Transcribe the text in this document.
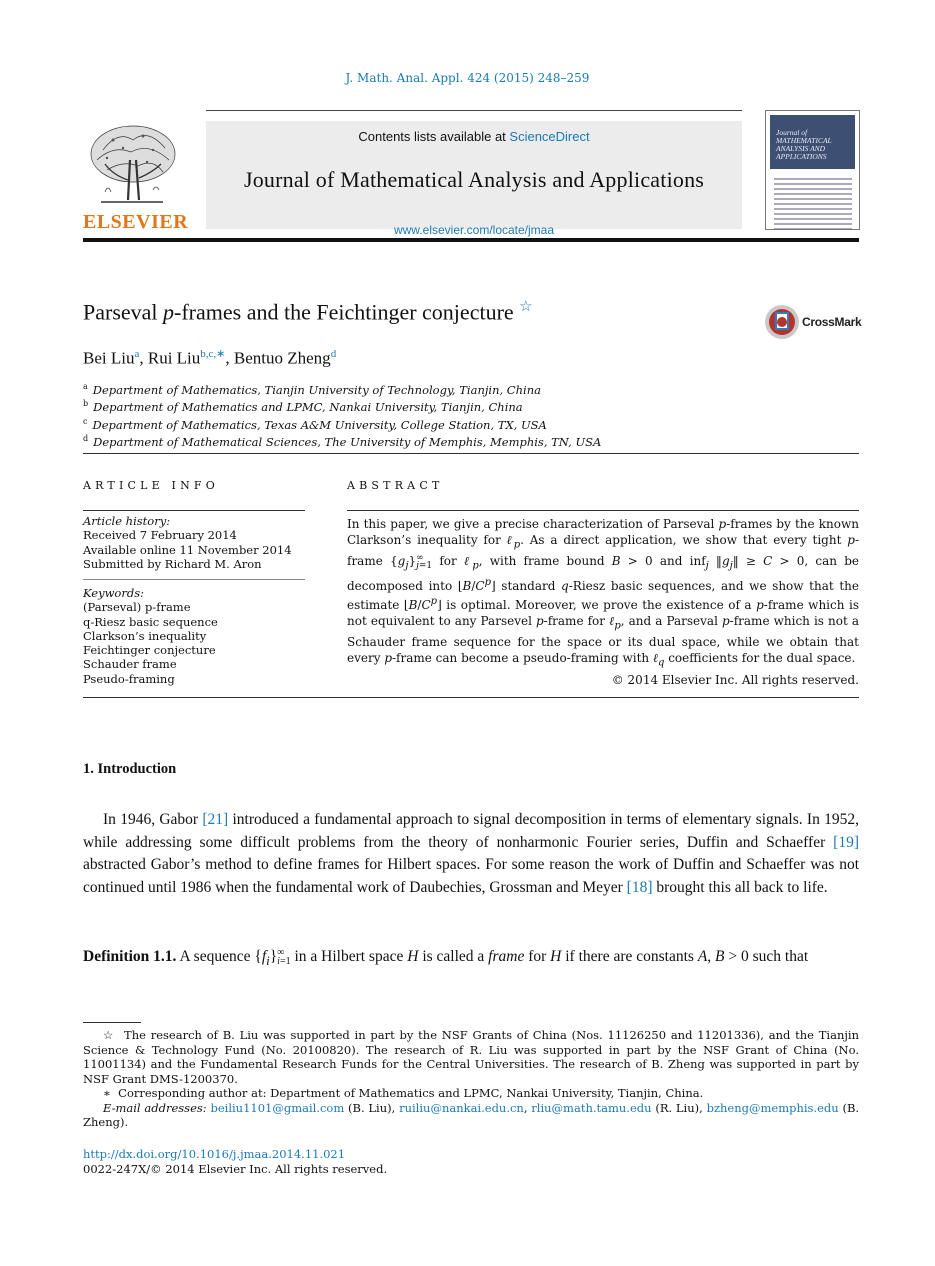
J. Math. Anal. Appl. 424 (2015) 248–259
ELSEVIER
Contents lists available at ScienceDirect
Journal of Mathematical Analysis and Applications
www.elsevier.com/locate/jmaa
Journal of MATHEMATICAL ANALYSIS AND APPLICATIONS
Parseval p-frames and the Feichtinger conjecture ☆
CrossMark
Bei Liu$^a$, Rui Liu$^{b,c,∗}$, Bentuo Zheng$^d$
$^a$ Department of Mathematics, Tianjin University of Technology, Tianjin, China
$^b$ Department of Mathematics and LPMC, Nankai University, Tianjin, China
$^c$ Department of Mathematics, Texas A&M University, College Station, TX, USA
$^d$ Department of Mathematical Sciences, The University of Memphis, Memphis, TN, USA
ARTICLE INFO	ABSTRACT
Article history:
Received 7 February 2014
Available online 11 November 2014
Submitted by Richard M. Aron
Keywords:
(Parseval) p-frame
q-Riesz basic sequence
Clarkson’s inequality
Feichtinger conjecture
Schauder frame
Pseudo-framing
In this paper, we give a precise characterization of Parseval p-frames by the known Clarkson’s inequality for ℓ$_p$. As a direct application, we show that every tight p-frame $\{g_j\}\infty$
j=1 for ℓ$_p$, with frame bound B > 0 and inf$_j$ $‖g_j‖ \ge C > 0$, can be decomposed into $⌊B/C^p⌋$ standard q-Riesz basic sequences, and we show that the estimate $⌊B/C^p⌋$ is optimal. Moreover, we prove the existence of a p-frame which is not equivalent to any Parsevel p-frame for ℓ$_p$, and a Parseval p-frame which is not a Schauder frame sequence for the space or its dual space, while we obtain that every p-frame can become a pseudo-framing with ℓ$_q$ coefficients for the dual space.
© 2014 Elsevier Inc. All rights reserved.
1. Introduction
In 1946, Gabor [21] introduced a fundamental approach to signal decomposition in terms of elementary signals. In 1952, while addressing some difficult problems from the theory of nonharmonic Fourier series, Duffin and Schaeffer [19] abstracted Gabor’s method to define frames for Hilbert spaces. For some reason the work of Duffin and Schaeffer was not continued until 1986 when the fundamental work of Daubechies, Grossman and Meyer [18] brought this all back to life.
Definition 1.1. A sequence $\{f_i\}\infty$
i=1 in a Hilbert space H is called a frame for H if there are constants A, B > 0 such that
☆ The research of B. Liu was supported in part by the NSF Grants of China (Nos. 11126250 and 11201336), and the Tianjin Science & Technology Fund (No. 20100820). The research of R. Liu was supported in part by the NSF Grant of China (No. 11001134) and the Fundamental Research Funds for the Central Universities. The research of B. Zheng was supported in part by NSF Grant DMS-1200370.
∗ Corresponding author at: Department of Mathematics and LPMC, Nankai University, Tianjin, China.
E-mail addresses: beiliu1101@gmail.com (B. Liu), ruiliu@nankai.edu.cn, rliu@math.tamu.edu (R. Liu), bzheng@memphis.edu (B. Zheng).
http://dx.doi.org/10.1016/j.jmaa.2014.11.021
0022-247X/© 2014 Elsevier Inc. All rights reserved.
